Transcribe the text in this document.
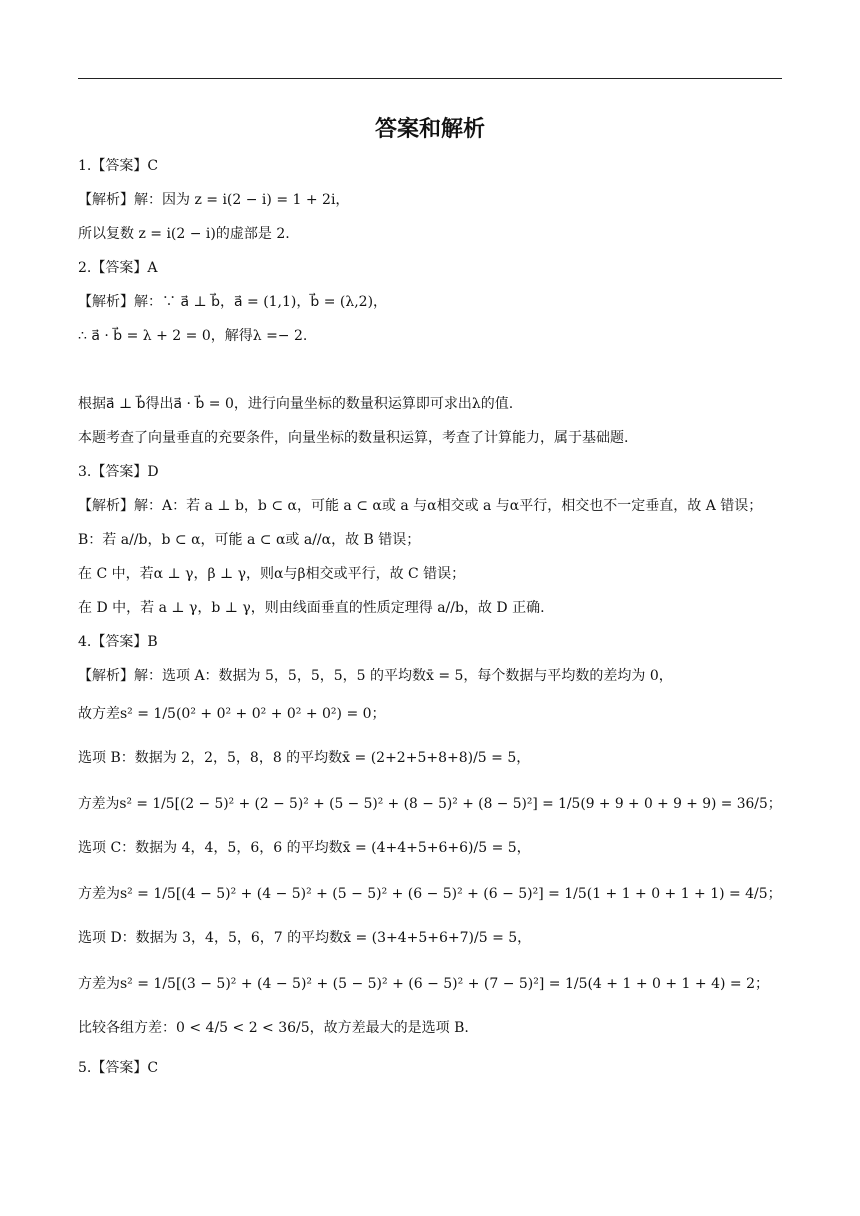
答案和解析
1.【答案】C
【解析】解：因为 z = i(2 − i) = 1 + 2i，
所以复数 z = i(2 − i)的虚部是 2.
2.【答案】A
【解析】解：∵ a⃗ ⊥ b⃗，a⃗ = (1,1)，b⃗ = (λ,2)，
∴ a⃗ · b⃗ = λ + 2 = 0，解得λ =− 2.
根据a⃗ ⊥ b⃗得出a⃗ · b⃗ = 0，进行向量坐标的数量积运算即可求出λ的值.
本题考查了向量垂直的充要条件，向量坐标的数量积运算，考查了计算能力，属于基础题.
3.【答案】D
【解析】解：A：若 a ⊥ b，b ⊂ α，可能 a ⊂ α或 a 与α相交或 a 与α平行，相交也不一定垂直，故 A 错误；
B：若 a//b，b ⊂ α，可能 a ⊂ α或 a//α，故 B 错误；
在 C 中，若α ⊥ γ，β ⊥ γ，则α与β相交或平行，故 C 错误；
在 D 中，若 a ⊥ γ，b ⊥ γ，则由线面垂直的性质定理得 a//b，故 D 正确.
4.【答案】B
【解析】解：选项 A：数据为 5，5，5，5，5 的平均数x̄ = 5，每个数据与平均数的差均为 0，
故方差s² = 1/5(0² + 0² + 0² + 0² + 0²) = 0；
选项 B：数据为 2，2，5，8，8 的平均数x̄ = (2+2+5+8+8)/5 = 5，
方差为s² = 1/5[(2 − 5)² + (2 − 5)² + (5 − 5)² + (8 − 5)² + (8 − 5)²] = 1/5(9 + 9 + 0 + 9 + 9) = 36/5；
选项 C：数据为 4，4，5，6，6 的平均数x̄ = (4+4+5+6+6)/5 = 5，
方差为s² = 1/5[(4 − 5)² + (4 − 5)² + (5 − 5)² + (6 − 5)² + (6 − 5)²] = 1/5(1 + 1 + 0 + 1 + 1) = 4/5；
选项 D：数据为 3，4，5，6，7 的平均数x̄ = (3+4+5+6+7)/5 = 5，
方差为s² = 1/5[(3 − 5)² + (4 − 5)² + (5 − 5)² + (6 − 5)² + (7 − 5)²] = 1/5(4 + 1 + 0 + 1 + 4) = 2；
比较各组方差：0 < 4/5 < 2 < 36/5，故方差最大的是选项 B.
5.【答案】C
